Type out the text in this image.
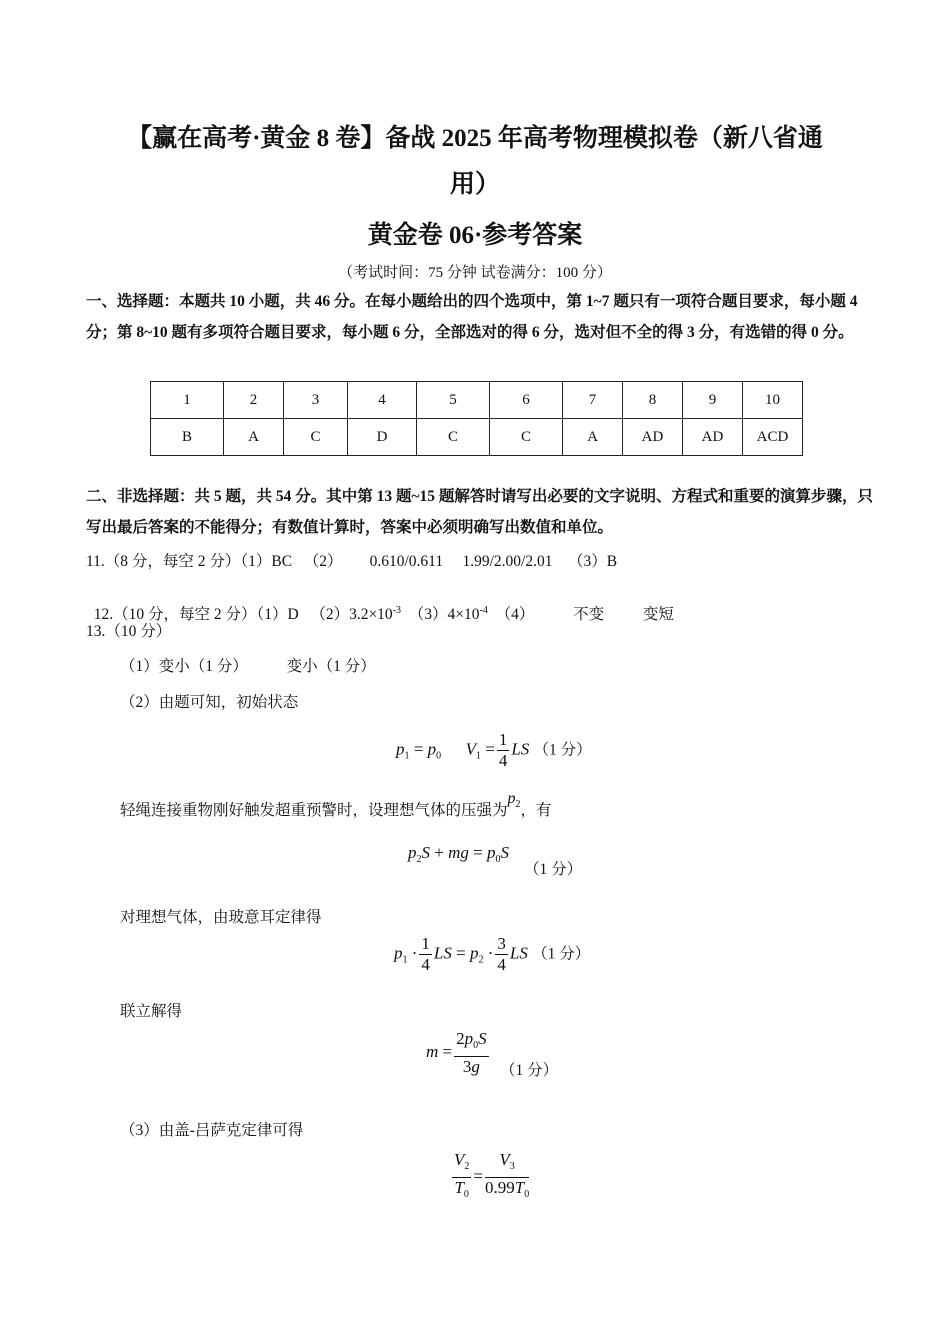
【赢在高考·黄金 8 卷】备战 2025 年高考物理模拟卷（新八省通
用）
黄金卷 06·参考答案
（考试时间：75 分钟 试卷满分：100 分）
一、选择题：本题共 10 小题，共 46 分。在每小题给出的四个选项中，第 1~7 题只有一项符合题目要求，每小题 4 分；第 8~10 题有多项符合题目要求，每小题 6 分，全部选对的得 6 分，选对但不全的得 3 分，有选错的得 0 分。
1	2	3	4	5	6	7	8	9	10
B	A	C	D	C	C	A	AD	AD	ACD
二、非选择题：共 5 题，共 54 分。其中第 13 题~15 题解答时请写出必要的文字说明、方程式和重要的演算步骤，只写出最后答案的不能得分；有数值计算时，答案中必须明确写出数值和单位。
11.（8 分，每空 2 分）（1）BC   （2）       0.610/0.611     1.99/2.00/2.01    （3）B

12.（10 分，每空 2 分）（1）D   $(2)3.2\times 10^{-3}$  $(3)4\times 10^{-4}$  （4）          不变          变短

13.（10 分）
（1）变小（1 分）          变小（1 分）
（2）由题可知，初始状态
$p_1 = p_0$ $V_1 = \frac{1}{4}$ LS （1 分）
轻绳连接重物刚好触发超重预警时，设理想气体的压强为$p_2$，有
$p_2S$ + mg = $p_0S$
（1 分）
对理想气体，由玻意耳定律得
$p_1 \cdot \frac{1}{4}$ LS = $p_2 \cdot \frac{3}{4}$ LS （1 分）
联立解得
$m = \frac{2p_0S}{3g} (1$ 分）
（3）由盖-吕萨克定律可得
$\frac{V_2}{T_0} = \frac{V_3}{0.99T_0}$
